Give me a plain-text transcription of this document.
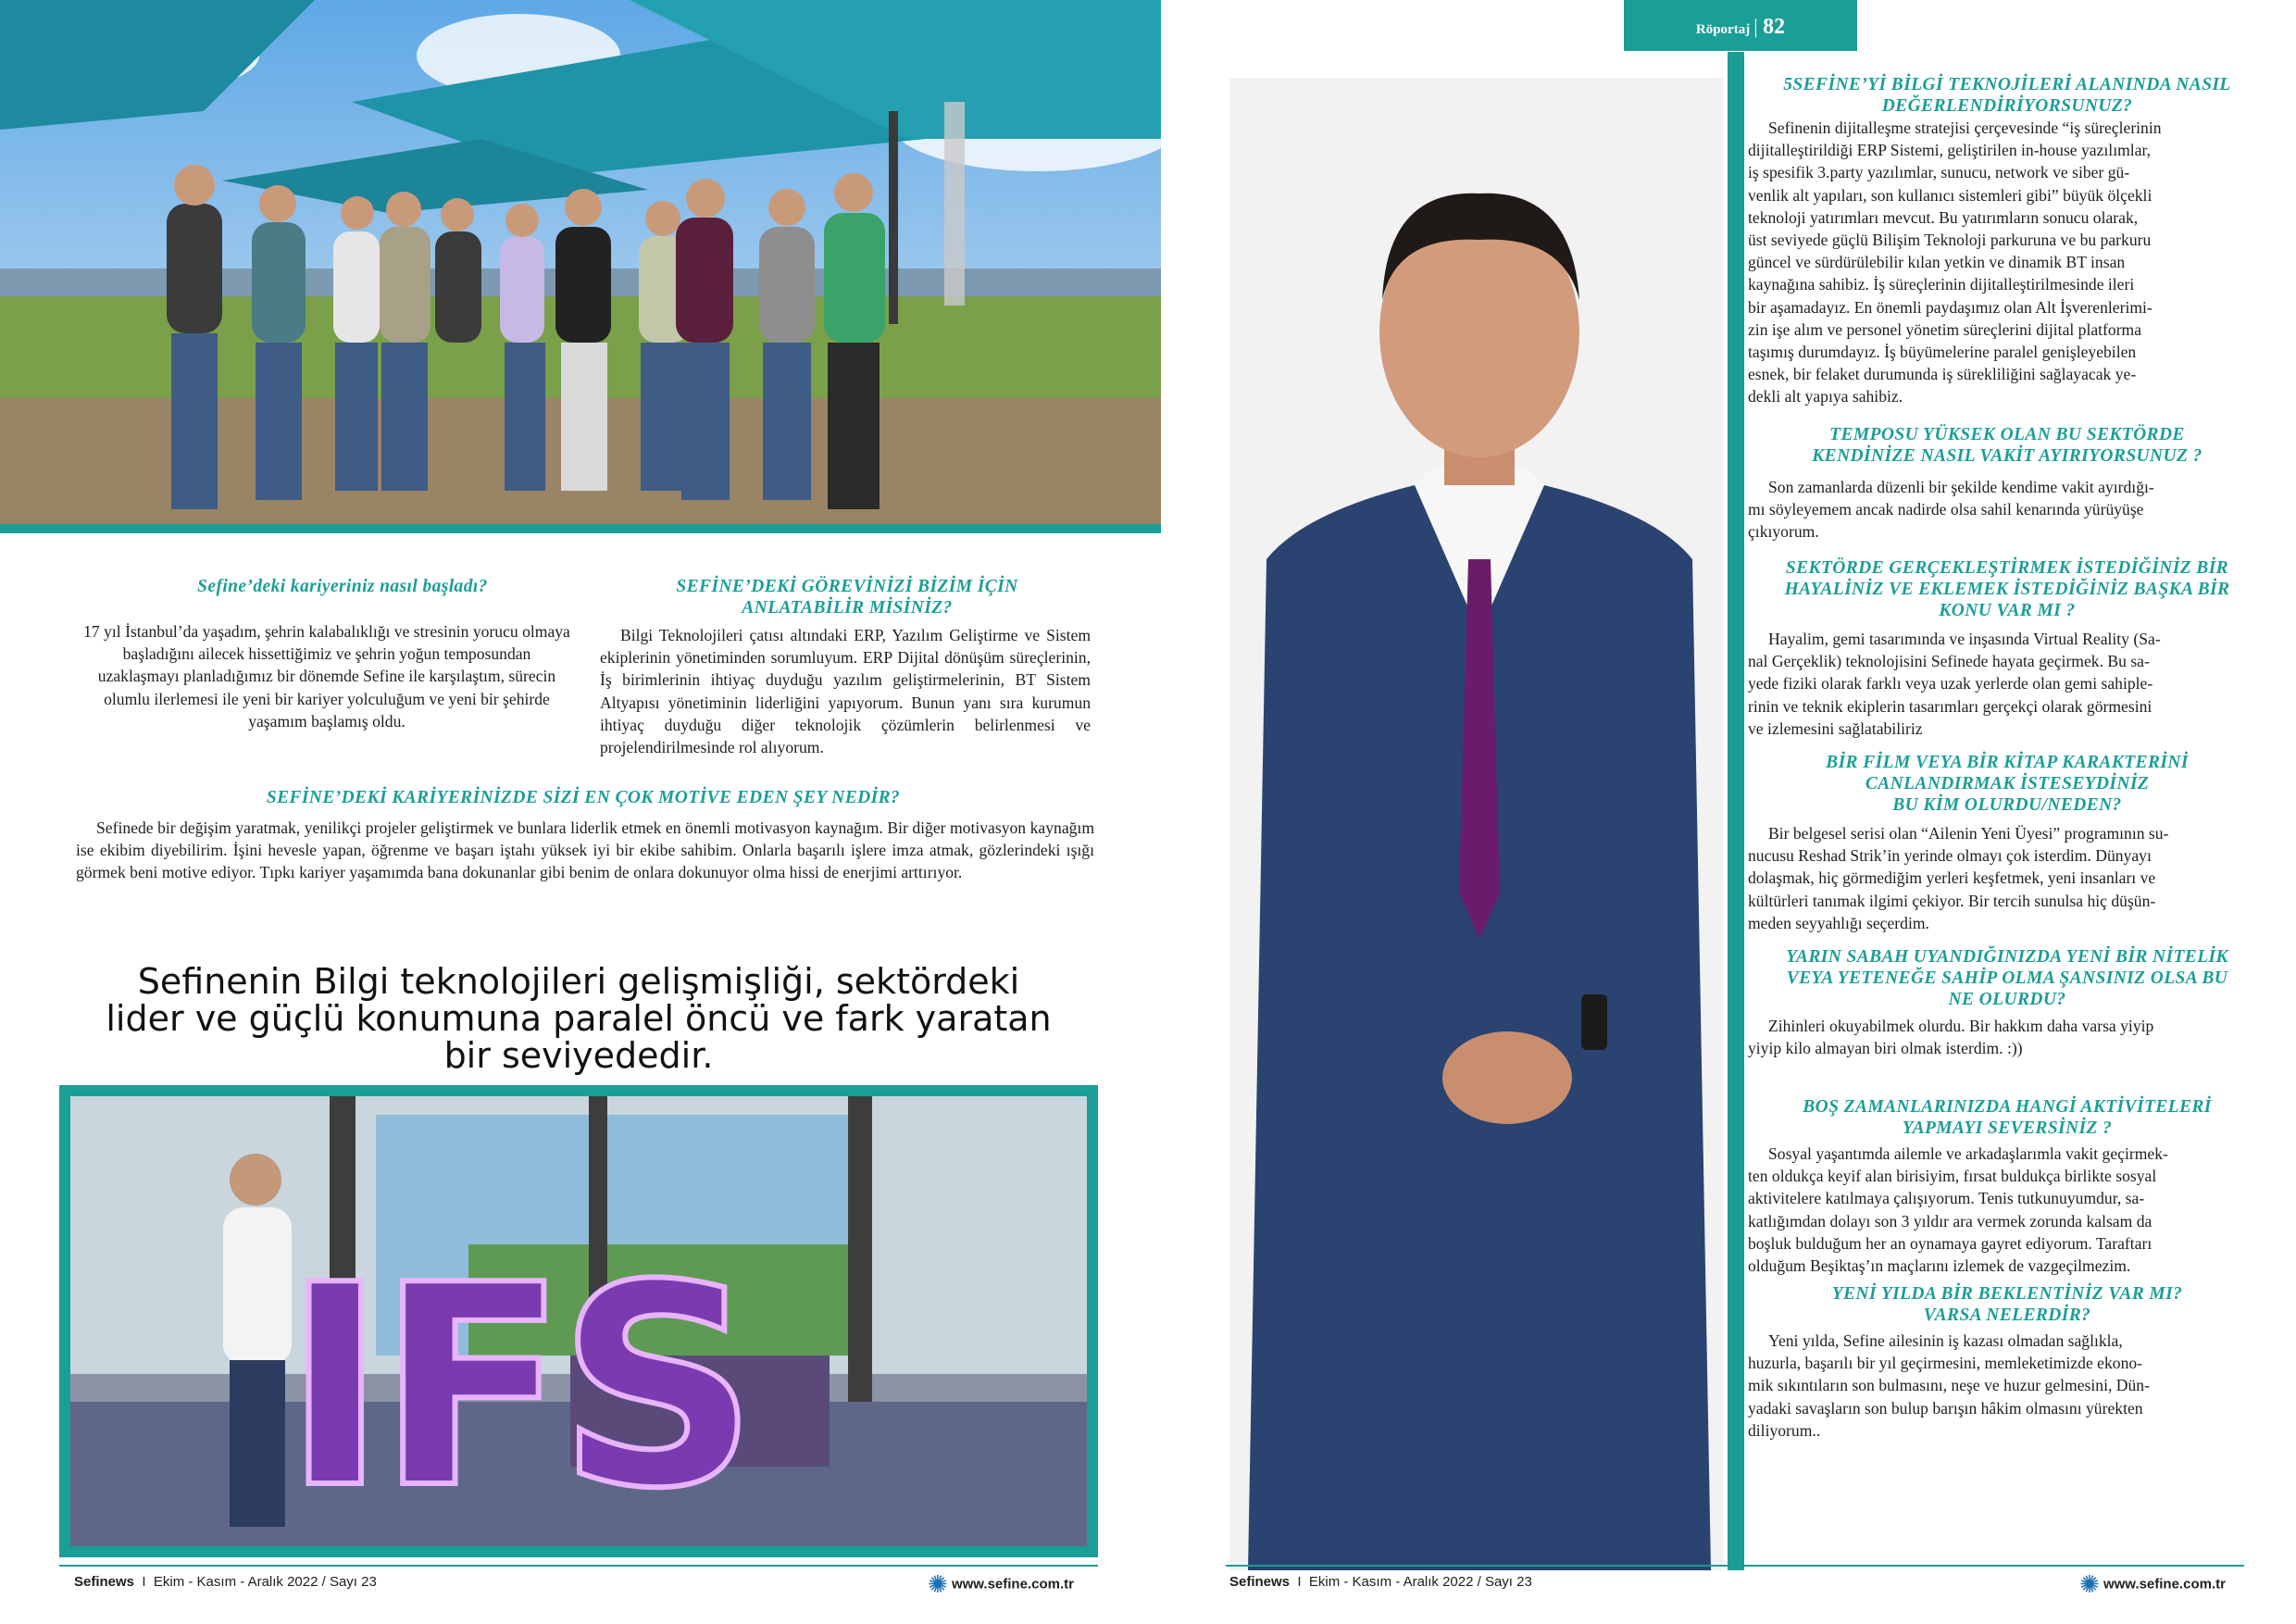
Sefine’deki kariyeriniz nasıl başladı?
17 yıl İstanbul’da yaşadım, şehrin kalabalıklığı ve stresinin yorucu olmaya başladığını ailecek hissettiğimiz ve şehrin yoğun temposundan uzaklaşmayı planladığımız bir dönemde Sefine ile karşılaştım, sürecin olumlu ilerlemesi ile yeni bir kariyer yolculuğum ve yeni bir şehirde yaşamım başlamış oldu.
SEFİNE’DEKİ GÖREVİNİZİ BİZİM İÇİN
ANLATABİLİR MİSİNİZ?
Bilgi Teknolojileri çatısı altındaki ERP, Yazılım Geliştirme ve Sistem ekiplerinin yönetiminden sorumluyum. ERP Dijital dönüşüm süreçlerinin, İş birimlerinin ihtiyaç duyduğu yazılım geliştirmelerinin, BT Sistem Altyapısı yönetiminin liderliğini yapıyorum. Bunun yanı sıra kurumun ihtiyaç duyduğu diğer teknolojik çözümlerin belirlenmesi ve projelendirilmesinde rol alıyorum.
SEFİNE’DEKİ KARİYERİNİZDE SİZİ EN ÇOK MOTİVE EDEN ŞEY NEDİR?
Sefinede bir değişim yaratmak, yenilikçi projeler geliştirmek ve bunlara liderlik etmek en önemli motivasyon kaynağım. Bir diğer motivasyon kaynağım ise ekibim diyebilirim. İşini hevesle yapan, öğrenme ve başarı iştahı yüksek iyi bir ekibe sahibim. Onlarla başarılı işlere imza atmak, gözlerindeki ışığı görmek beni motive ediyor. Tıpkı kariyer yaşamımda bana dokunanlar gibi benim de onlara dokunuyor olma hissi de enerjimi arttırıyor.
Sefinenin Bilgi teknolojileri gelişmişliği, sektördeki
lider ve güçlü konumuna paralel öncü ve fark yaratan
bir seviyededir.
IFS
Sefinews  I  Ekim - Kasım - Aralık 2022 / Sayı 23	✺ www.sefine.com.tr
Röportaj | 82
5SEFİNE’Yİ BİLGİ TEKNOJİLERİ ALANINDA NASIL
DEĞERLENDİRİYORSUNUZ?
Sefinenin dijitalleşme stratejisi çerçevesinde “iş süreçlerinin
dijitalleştirildiği ERP Sistemi, geliştirilen in-house yazılımlar,
iş spesifik 3.party yazılımlar, sunucu, network ve siber gü-
venlik alt yapıları, son kullanıcı sistemleri gibi” büyük ölçekli
teknoloji yatırımları mevcut. Bu yatırımların sonucu olarak,
üst seviyede güçlü Bilişim Teknoloji parkuruna ve bu parkuru
güncel ve sürdürülebilir kılan yetkin ve dinamik BT insan
kaynağına sahibiz. İş süreçlerinin dijitalleştirilmesinde ileri
bir aşamadayız. En önemli paydaşımız olan Alt İşverenlerimi-
zin işe alım ve personel yönetim süreçlerini dijital platforma
taşımış durumdayız. İş büyümelerine paralel genişleyebilen
esnek, bir felaket durumunda iş sürekliliğini sağlayacak ye-
dekli alt yapıya sahibiz.
TEMPOSU YÜKSEK OLAN BU SEKTÖRDE
KENDİNİZE NASIL VAKİT AYIRIYORSUNUZ ?
Son zamanlarda düzenli bir şekilde kendime vakit ayırdığı-
mı söyleyemem ancak nadirde olsa sahil kenarında yürüyüşe
çıkıyorum.
SEKTÖRDE GERÇEKLEŞTİRMEK İSTEDİĞİNİZ BİR
HAYALİNİZ VE EKLEMEK İSTEDİĞİNİZ BAŞKA BİR
KONU VAR MI ?
Hayalim, gemi tasarımında ve inşasında Virtual Reality (Sa-
nal Gerçeklik) teknolojisini Sefinede hayata geçirmek. Bu sa-
yede fiziki olarak farklı veya uzak yerlerde olan gemi sahiple-
rinin ve teknik ekiplerin tasarımları gerçekçi olarak görmesini
ve izlemesini sağlatabiliriz
BİR FİLM VEYA BİR KİTAP KARAKTERİNİ
CANLANDIRMAK İSTESEYDİNİZ
BU KİM OLURDU/NEDEN?
Bir belgesel serisi olan “Ailenin Yeni Üyesi” programının su-
nucusu Reshad Strik’in yerinde olmayı çok isterdim. Dünyayı
dolaşmak, hiç görmediğim yerleri keşfetmek, yeni insanları ve
kültürleri tanımak ilgimi çekiyor. Bir tercih sunulsa hiç düşün-
meden seyyahlığı seçerdim.
YARIN SABAH UYANDIĞINIZDA YENİ BİR NİTELİK
VEYA YETENEĞE SAHİP OLMA ŞANSINIZ OLSA BU
NE OLURDU?
Zihinleri okuyabilmek olurdu. Bir hakkım daha varsa yiyip
yiyip kilo almayan biri olmak isterdim. :))
BOŞ ZAMANLARINIZDA HANGİ AKTİVİTELERİ
YAPMAYI SEVERSİNİZ ?
Sosyal yaşantımda ailemle ve arkadaşlarımla vakit geçirmek-
ten oldukça keyif alan birisiyim, fırsat buldukça birlikte sosyal
aktivitelere katılmaya çalışıyorum. Tenis tutkunuyumdur, sa-
katlığımdan dolayı son 3 yıldır ara vermek zorunda kalsam da
boşluk bulduğum her an oynamaya gayret ediyorum. Taraftarı
olduğum Beşiktaş’ın maçlarını izlemek de vazgeçilmezim.
YENİ YILDA BİR BEKLENTİNİZ VAR MI?
VARSA NELERDİR?
Yeni yılda, Sefine ailesinin iş kazası olmadan sağlıkla,
huzurla, başarılı bir yıl geçirmesini, memleketimizde ekono-
mik sıkıntıların son bulmasını, neşe ve huzur gelmesini, Dün-
yadaki savaşların son bulup barışın hâkim olmasını yürekten
diliyorum..
Sefinews  I  Ekim - Kasım - Aralık 2022 / Sayı 23	✺ www.sefine.com.tr
